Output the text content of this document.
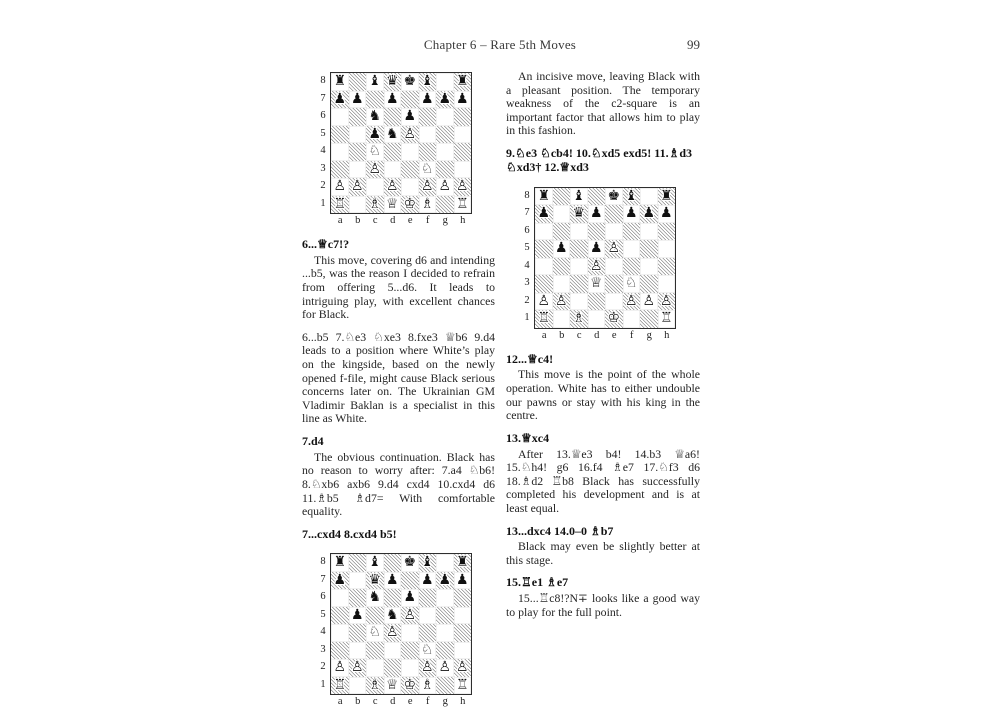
Chapter 6 – Rare 5th Moves	99
8
7
6
5
4
3
2
1
♜ ♝ ♛ ♚ ♝ ♜
♟ ♟ ♟ ♟ ♟ ♟
♞ ♟
♟ ♞ ♙
♘
♙	♘
♙ ♙ ♙ ♙ ♙ ♙
♖ ♗ ♕ ♔ ♗ ♖
a	b	c	d	e	f	g	h
6...♕c7!?

This move, covering d6 and intending ...b5, was the reason I decided to refrain from offering 5...d6. It leads to intriguing play, with excellent chances for Black.

6...b5 7.♘e3 ♘xe3 8.fxe3 ♕b6 9.d4 leads to a position where White’s play on the kingside, based on the newly opened f-file, might cause Black serious concerns later on. The Ukrainian GM Vladimir Baklan is a specialist in this line as White.

7.d4

The obvious continuation. Black has no reason to worry after: 7.a4 ♘b6! 8.♘xb6 axb6 9.d4 cxd4 10.cxd4 d6 11.♗b5 ♗d7= With comfortable equality.

7...cxd4 8.cxd4 b5!
8
7
6
5
4
3
2
1
♜ ♝ ♚ ♝ ♜
♟ ♛ ♟ ♟ ♟ ♟
♞ ♟
♟ ♞ ♙
♘ ♙
♘
♙ ♙	♙ ♙ ♙
♖ ♗ ♕ ♔ ♗ ♖
a	b	c	d	e	f	g	h

An incisive move, leaving Black with a pleasant position. The temporary weakness of the c2-square is an important factor that allows him to play in this fashion.

9.♘e3 ♘cb4! 10.♘xd5 exd5! 11.♗d3 ♘xd3† 12.♕xd3
8
7
6
5
4
3
2
1
♜ ♝ ♚ ♝ ♜
♟ ♛ ♟ ♟ ♟ ♟
♟ ♟ ♙
♙
♕ ♘
♙ ♙	♙ ♙ ♙
♖ ♗ ♔	♖
a	b	c	d	e	f	g	h
12...♕c4!

This move is the point of the whole operation. White has to either undouble our pawns or stay with his king in the centre.

13.♕xc4

After 13.♕e3 b4! 14.b3 ♕a6! 15.♘h4! g6 16.f4 ♗e7 17.♘f3 d6 18.♗d2 ♖b8 Black has successfully completed his development and is at least equal.

13...dxc4 14.0–0 ♗b7

Black may even be slightly better at this stage.

15.♖e1 ♗e7

15...♖c8!?N∓ looks like a good way to play for the full point.
